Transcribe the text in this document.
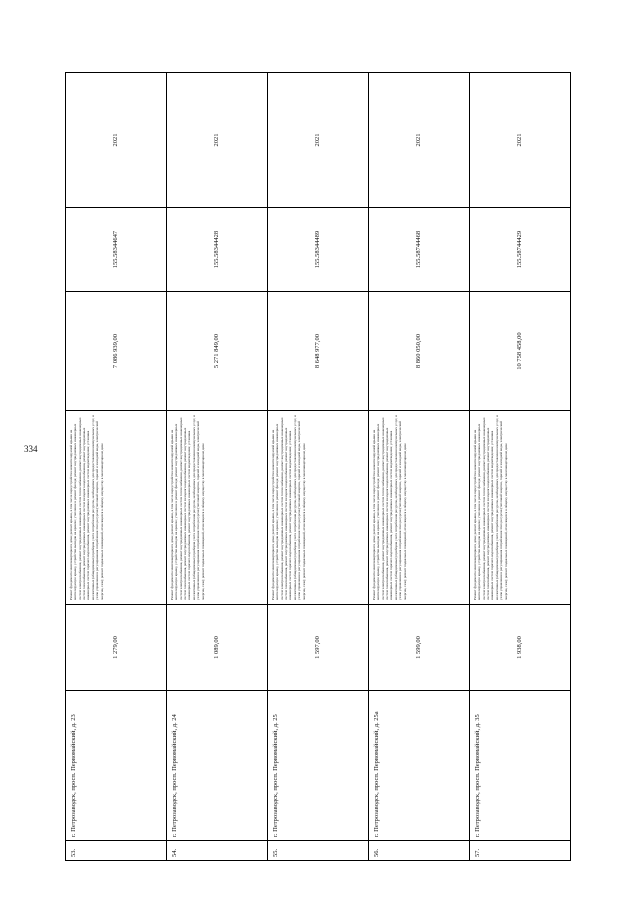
334
53.	г. Петрозаводск, просп. Первомайский, д. 23	1 279,00	Ремонт фундамента многоквартирного дома; ремонт крыши, в том числе переустройство невентилируемой крыши на вентилируемую крышу, устройство выходов на кровлю; утепление и ремонт фасада; ремонт внутридомовых инженерных систем электроснабжения, ремонт внутридомовых инженерных систем теплоснабжения, ремонт внутридомовых инженерных систем газоснабжения, ремонт внутридомовых инженерных систем холодного водоснабжения, ремонт внутридомовых инженерных систем горячего водоснабжения, ремонт внутридомовых инженерных систем водоотведения; установка коллективных (общедомовых) приборов учета потребления ресурсов, необходимых для предоставления коммунальных услуг, и узлов управления и регулирования потребления этих ресурсов (тепловой энергии, горячей и холодной воды, электрической энергии, газа); ремонт подвальных помещений, относящихся к общему имуществу в многоквартирном доме	7 086 939,00	155.58344647	2021
54.	г. Петрозаводск, просп. Первомайский, д. 24	1 089,00	Ремонт фундамента многоквартирного дома; ремонт крыши, в том числе переустройство невентилируемой крыши на вентилируемую крышу, устройство выходов на кровлю; утепление и ремонт фасада; ремонт внутридомовых инженерных систем электроснабжения, ремонт внутридомовых инженерных систем теплоснабжения, ремонт внутридомовых инженерных систем газоснабжения, ремонт внутридомовых инженерных систем холодного водоснабжения, ремонт внутридомовых инженерных систем горячего водоснабжения, ремонт внутридомовых инженерных систем водоотведения; установка коллективных (общедомовых) приборов учета потребления ресурсов, необходимых для предоставления коммунальных услуг, и узлов управления и регулирования потребления этих ресурсов (тепловой энергии, горячей и холодной воды, электрической энергии, газа); ремонт подвальных помещений, относящихся к общему имуществу в многоквартирном доме	5 271 849,00	155.58344428	2021
55.	г. Петрозаводск, просп. Первомайский, д. 25	1 597,00	Ремонт фундамента многоквартирного дома; ремонт крыши, в том числе переустройство невентилируемой крыши на вентилируемую крышу, устройство выходов на кровлю; утепление и ремонт фасада; ремонт внутридомовых инженерных систем электроснабжения, ремонт внутридомовых инженерных систем теплоснабжения, ремонт внутридомовых инженерных систем газоснабжения, ремонт внутридомовых инженерных систем холодного водоснабжения, ремонт внутридомовых инженерных систем горячего водоснабжения, ремонт внутридомовых инженерных систем водоотведения; установка коллективных (общедомовых) приборов учета потребления ресурсов, необходимых для предоставления коммунальных услуг, и узлов управления и регулирования потребления этих ресурсов (тепловой энергии, горячей и холодной воды, электрической энергии, газа); ремонт подвальных помещений, относящихся к общему имуществу в многоквартирном доме	8 648 977,00	155.58344489	2021
56.	г. Петрозаводск, просп. Первомайский, д. 25а	1 599,00	Ремонт фундамента многоквартирного дома; ремонт крыши, в том числе переустройство невентилируемой крыши на вентилируемую крышу, устройство выходов на кровлю; утепление и ремонт фасада; ремонт внутридомовых инженерных систем электроснабжения, ремонт внутридомовых инженерных систем теплоснабжения, ремонт внутридомовых инженерных систем газоснабжения, ремонт внутридомовых инженерных систем холодного водоснабжения, ремонт внутридомовых инженерных систем горячего водоснабжения, ремонт внутридомовых инженерных систем водоотведения; установка коллективных (общедомовых) приборов учета потребления ресурсов, необходимых для предоставления коммунальных услуг, и узлов управления и регулирования потребления этих ресурсов (тепловой энергии, горячей и холодной воды, электрической энергии, газа); ремонт подвальных помещений, относящихся к общему имуществу в многоквартирном доме	8 860 050,00	155.58744468	2021
57.	г. Петрозаводск, просп. Первомайский, д. 35	1 938,00	Ремонт фундамента многоквартирного дома; ремонт крыши, в том числе переустройство невентилируемой крыши на вентилируемую крышу, устройство выходов на кровлю; утепление и ремонт фасада; ремонт внутридомовых инженерных систем электроснабжения, ремонт внутридомовых инженерных систем теплоснабжения, ремонт внутридомовых инженерных систем газоснабжения, ремонт внутридомовых инженерных систем холодного водоснабжения, ремонт внутридомовых инженерных систем горячего водоснабжения, ремонт внутридомовых инженерных систем водоотведения; установка коллективных (общедомовых) приборов учета потребления ресурсов, необходимых для предоставления коммунальных услуг, и узлов управления и регулирования потребления этих ресурсов (тепловой энергии, горячей и холодной воды, электрической энергии, газа); ремонт подвальных помещений, относящихся к общему имуществу в многоквартирном доме	10 758 458,00	155.58744429	2021
